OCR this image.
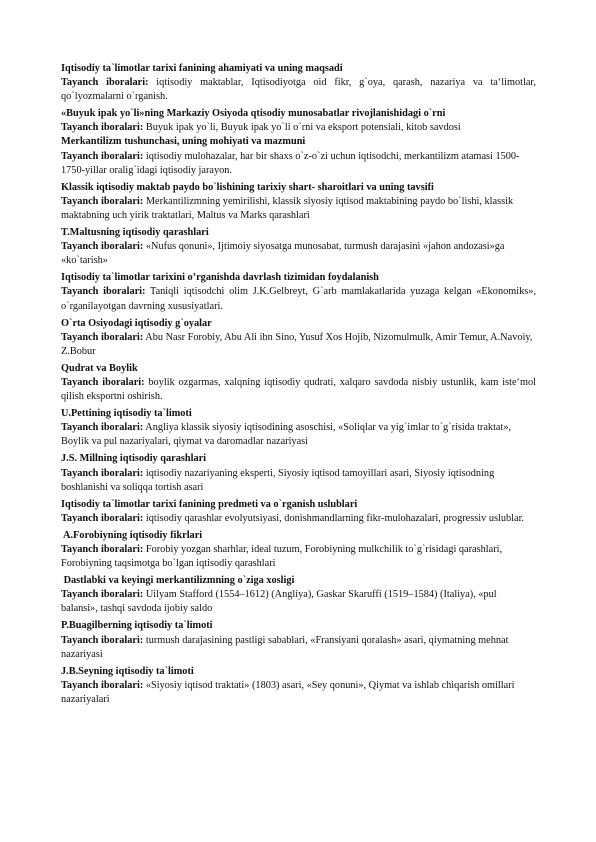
Iqtisodiy ta`limotlar tarixi fanining ahamiyati va uning maqsadi
Tayanch iboralari: iqtisodiy maktablar, Iqtisodiyotga oid fikr, g`oya, qarash, nazariya va ta‘limotlar, qo`lyozmalarni o`rganish.
«Buyuk ipak yo`li»ning Markaziy Osiyoda qtisodiy munosabatlar rivojlanishidagi o`rni
Tayanch iboralari: Buyuk ipak yo`li, Buyuk ipak yo`li o`rni va eksport potensiali, kitob savdosi
Merkantilizm tushunchasi, uning mohiyati va mazmuni
Tayanch iboralari: iqtisodiy mulohazalar, har bir shaxs o`z-o`zi uchun iqtisodchi, merkantilizm atamasi 1500-1750-yillar oralig`idagi iqtisodiy jarayon.
Klassik iqtisodiy maktab paydo bo`lishining tarixiy shart- sharoitlari va uning tavsifi
Tayanch iboralari: Merkantilizmning yemirilishi, klassik siyosiy iqtisod maktabining paydo bo`lishi, klassik maktabning uch yirik traktatlari, Maltus va Marks qarashlari
T.Maltusning iqtisodiy qarashlari
Tayanch iboralari: «Nufus qonuni», Ijtimoiy siyosatga munosabat, turmush darajasini «jahon andozasi»ga «ko`tarish»
Iqtisodiy ta`limotlar tarixini o’rganishda davrlash tizimidan foydalanish
Tayanch iboralari: Taniqli iqtisodchi olim J.K.Gelbreyt, G`arb mamlakatlarida yuzaga kelgan «Ekonomiks», o`rganilayotgan davrning xususiyatlari.
O`rta Osiyodagi iqtisodiy g`oyalar
Tayanch iboralari: Abu Nasr Forobiy, Abu Ali ibn Sino, Yusuf Xos Hojib, Nizomulmulk, Amir Temur, A.Navoiy, Z.Bobur
Qudrat va Boylik
Tayanch iboralari: boylik ozgarmas, xalqning iqtisodiy qudrati, xalqaro savdoda nisbiy ustunlik, kam iste‘mol qilish eksportni oshirish.
U.Pettining iqtisodiy ta`limoti
Tayanch iboralari: Angliya klassik siyosiy iqtisodining asoschisi, «Soliqlar va yig`imlar to`g`risida traktat», Boylik va pul nazariyalari, qiymat va daromadlar nazariyasi
J.S. Millning iqtisodiy qarashlari
Tayanch iboralari: iqtisodiy nazariyaning eksperti, Siyosiy iqtisod tamoyillari asari, Siyosiy iqtisodning boshlanishi va soliqqa tortish asari
Iqtisodiy ta`limotlar tarixi fanining predmeti va o`rganish uslublari
Tayanch iboralari: iqtisodiy qarashlar evolyutsiyasi, donishmandlarning fikr-mulohazalari, progressiv uslublar.
A.Forobiyning iqtisodiy fikrlari
Tayanch iboralari: Forobiy yozgan sharhlar, ideal tuzum, Forobiyning mulkchilik to`g`risidagi qarashlari, Forobiyning taqsimotga bo`lgan iqtisodiy qarashlari
Dastlabki va keyingi merkantilizmning o`ziga xosligi
Tayanch iboralari: Uilyam Stafford (1554–1612) (Angliya), Gaskar Skaruffi (1519–1584) (Italiya), «pul balansi», tashqi savdoda ijobiy saldo
P.Buagilberning iqtisodiy ta`limoti
Tayanch iboralari: turmush darajasining pastligi sabablari, «Fransiyani qoralash» asari, qiymatning mehnat nazariyasi
J.B.Seyning iqtisodiy ta`limoti
Tayanch iboralari: «Siyosiy iqtisod traktati» (1803) asari, «Sey qonuni», Qiymat va ishlab chiqarish omillari nazariyalari
